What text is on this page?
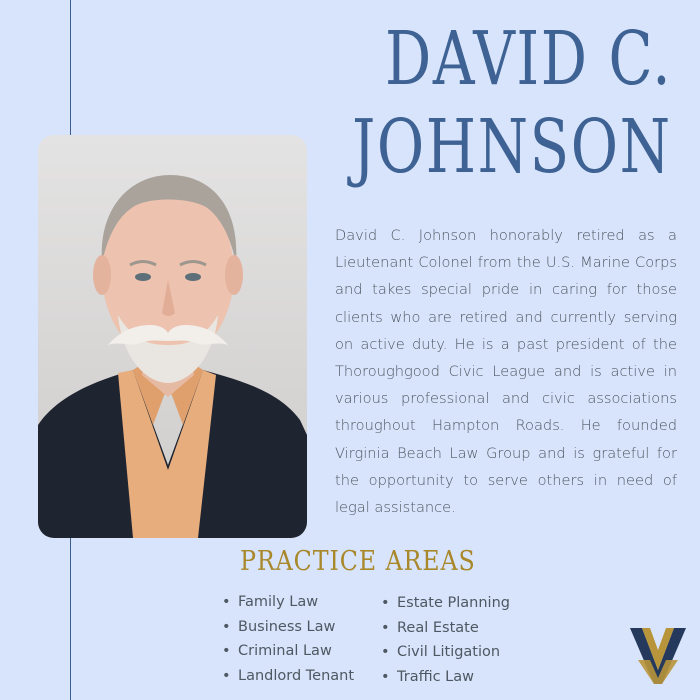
DAVID C.
JOHNSON

David C. Johnson honorably retired as a Lieutenant Colonel from the U.S. Marine Corps and takes special pride in caring for those clients who are retired and currently serving on active duty. He is a past president of the Thoroughgood Civic League and is active in various professional and civic associations throughout Hampton Roads. He founded Virginia Beach Law Group and is grateful for the opportunity to serve others in need of legal assistance.

PRACTICE AREAS
• Family Law
• Business Law
• Criminal Law
• Landlord Tenant
• Estate Planning
• Real Estate
• Civil Litigation
• Traffic Law
